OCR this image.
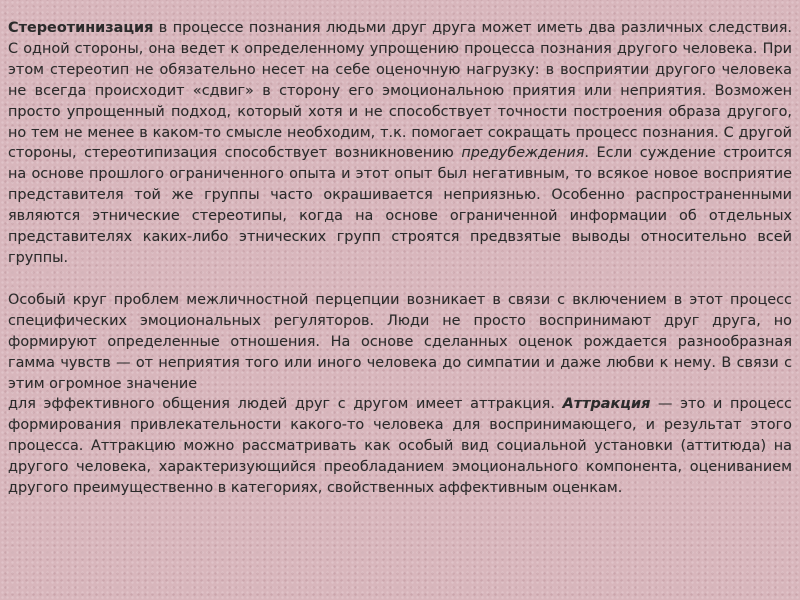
Стереотинизация в процессе познания людьми друг друга может иметь два различных следствия. С одной стороны, она ведет к определенному упрощению процесса познания другого человека. При этом стереотип не обязательно несет на себе оценочную нагрузку: в восприятии другого человека не всегда происходит «сдвиг» в сторону его эмоциональною приятия или неприятия. Возможен просто упрощенный подход, который хотя и не способствует точности построения образа другого, но тем не менее в каком-то смысле необходим, т.к. помогает сокращать процесс познания. С другой стороны, стереотипизация способствует возникновению предубеждения. Если суждение строится на основе прошлого ограниченного опыта и этот опыт был негативным, то всякое новое восприятие представителя той же группы часто окрашивается неприязнью. Особенно распространенными являются этнические стереотипы, когда на основе ограниченной информации об отдельных представителях каких-либо этнических групп строятся предвзятые выводы относительно всей группы.

Особый круг проблем межличностной перцепции возникает в связи с включением в этот процесс специфических эмоциональных регуляторов. Люди не просто воспринимают друг друга, но формируют определенные отношения. На основе сделанных оценок рождается разнообразная гамма чувств — от неприятия того или иного человека до симпатии и даже любви к нему. В связи с этим огромное значение
для эффективного общения людей друг с другом имеет аттракция. Аттракция — это и процесс формирования привлекательности какого-то человека для воспринимающего, и результат этого процесса. Аттракцию можно рассматривать как особый вид социальной установки (аттитюда) на другого человека, характеризующийся преобладанием эмоционального компонента, оцениванием другого преимущественно в категориях, свойственных аффективным оценкам.
